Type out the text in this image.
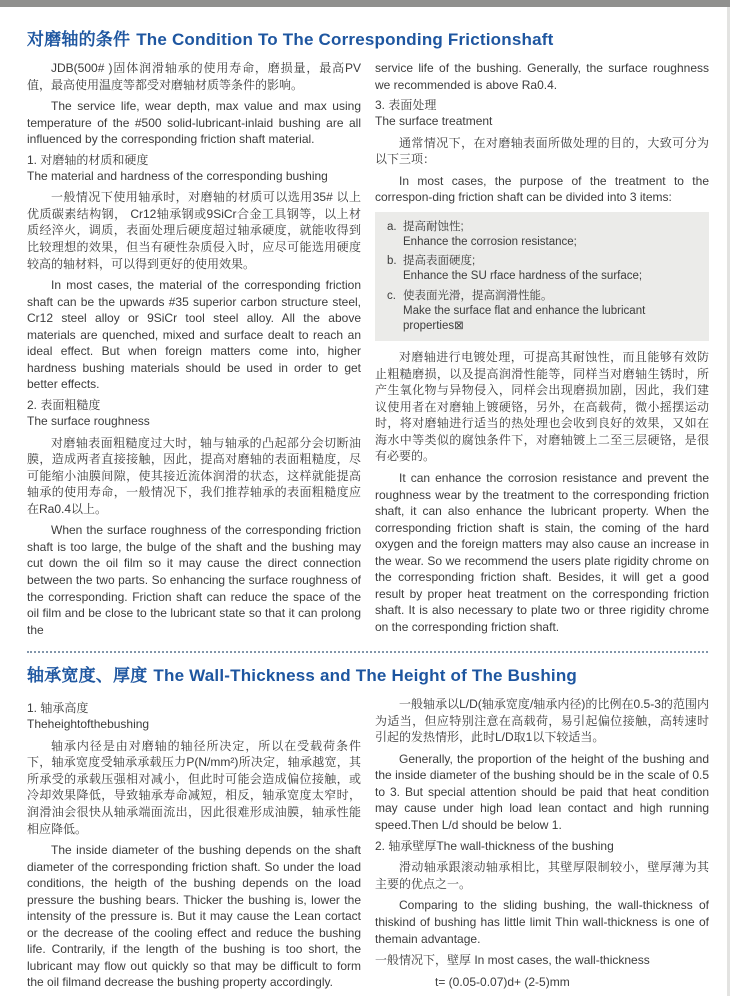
对磨轴的条件 The Condition To The Corresponding Frictionshaft

JDB(500# )固体润滑轴承的使用寿命，磨损量，最高PV值，最高使用温度等都受对磨轴材质等条件的影响。

The service life, wear depth, max value and max using temperature of the #500 solid-lubricant-inlaid bushing are all influenced by the corresponding friction shaft material.

1. 对磨轴的材质和硬度
The material and hardness of the corresponding bushing

一般情况下使用轴承时，对磨轴的材质可以选用35# 以上优质碳素结构钢， Cr12轴承钢或9SiCr合金工具钢等，以上材质经淬火，调质，表面处理后硬度超过轴承硬度，就能收得到比较理想的效果，但当有硬性杂质侵入时，应尽可能选用硬度较高的轴材料，可以得到更好的使用效果。

In most cases, the material of the corresponding friction shaft can be the upwards #35 superior carbon structure steel, Cr12 steel alloy or 9SiCr tool steel alloy. All the above materials are quenched, mixed and surface dealt to reach an ideal effect. But when foreign matters come into, higher hardness bushing materials should be used in order to get better effects.

2. 表面粗糙度
The surface roughness

对磨轴表面粗糙度过大时，轴与轴承的凸起部分会切断油膜，造成两者直接接触，因此，提高对磨轴的表面粗糙度，尽可能缩小油膜间隙，使其接近流体润滑的状态，这样就能提高轴承的使用寿命，一般情况下，我们推荐轴承的表面粗糙度应在Ra0.4以上。

When the surface roughness of the corresponding friction shaft is too large, the bulge of the shaft and the bushing may cut down the oil film so it may cause the direct connection between the two parts. So enhancing the surface roughness of the corresponding. Friction shaft can reduce the space of the oil film and be close to the lubricant state so that it can prolong the

service life of the bushing. Generally, the surface roughness we recommended is above Ra0.4.

3. 表面处理
The surface treatment

通常情况下，在对磨轴表面所做处理的目的，大致可分为以下三项：

In most cases, the purpose of the treatment to the correspon-ding friction shaft can be divided into 3 items:

a. 提高耐蚀性;
Enhance the corrosion resistance;
b. 提高表面硬度;
Enhance the SU rface hardness of the surface;
c. 使表面光滑，提高润滑性能。
Make the surface flat and enhance the lubricant properties⊠

对磨轴进行电镀处理，可提高其耐蚀性，而且能够有效防止粗糙磨损，以及提高润滑性能等，同样当对磨轴生锈时，所产生氧化物与异物侵入，同样会出现磨损加剧，因此，我们建议使用者在对磨轴上镀硬铬，另外，在高载荷，微小摇摆运动时，将对磨轴进行适当的热处理也会收到良好的效果，又如在海水中等类似的腐蚀条件下，对磨轴镀上二至三层硬铬，是很有必要的。

It can enhance the corrosion resistance and prevent the roughness wear by the treatment to the corresponding friction shaft, it can also enhance the lubricant property. When the corresponding friction shaft is stain, the coming of the hard oxygen and the foreign matters may also cause an increase in the wear. So we recommend the users plate rigidity chrome on the corresponding friction shaft. Besides, it will get a good result by proper heat treatment on the corresponding friction shaft. It is also necessary to plate two or three rigidity chrome on the corresponding friction shaft.

轴承宽度、厚度 The Wall-Thickness and The Height of The Bushing
1. 轴承高度
Theheightofthebushing

轴承内径是由对磨轴的轴径所决定，所以在受载荷条件下，轴承宽度受轴承承载压力P(N/mm²)所决定，轴承越宽，其所承受的承载压强相对减小，但此时可能会造成偏位接触，或冷却效果降低，导致轴承寿命减短，相反，轴承宽度太窄时，润滑油会很快从轴承端面流出，因此很难形成油膜，轴承性能相应降低。

The inside diameter of the bushing depends on the shaft diameter of the corresponding friction shaft. So under the load conditions, the heigth of the bushing depends on the load pressure the bushing bears. Thicker the bushing is, lower the intensity of the pressure is. But it may cause the Lean cortact or the decrease of the cooling effect and reduce the bushing life. Contrarily, if the length of the bushing is too short, the lubricant may flow out quickly so that may be difficult to form the oil filmand decrease the bushing property accordingly.

一般轴承以L/D(轴承宽度/轴承内径)的比例在0.5-3的范围内为适当，但应特别注意在高载荷，易引起偏位接触，高转速时引起的发热情形，此时L/D取1以下较适当。

Generally, the proportion of the height of the bushing and the inside diameter of the bushing should be in the scale of 0.5 to 3. But special attention should be paid that heat condition may cause under high load lean contact and high running speed.Then L/d should be below 1.

2. 轴承壁厚The wall-thickness of the bushing

滑动轴承跟滚动轴承相比，其壁厚限制较小，壁厚薄为其主要的优点之一。

Comparing to the sliding bushing, the wall-thickness of thiskind of bushing has little limit Thin wall-thickness is one of themain advantage.

一般情况下，壁厚 In most cases, the wall-thickness

t= (0.05-0.07)d+ (2-5)mm
